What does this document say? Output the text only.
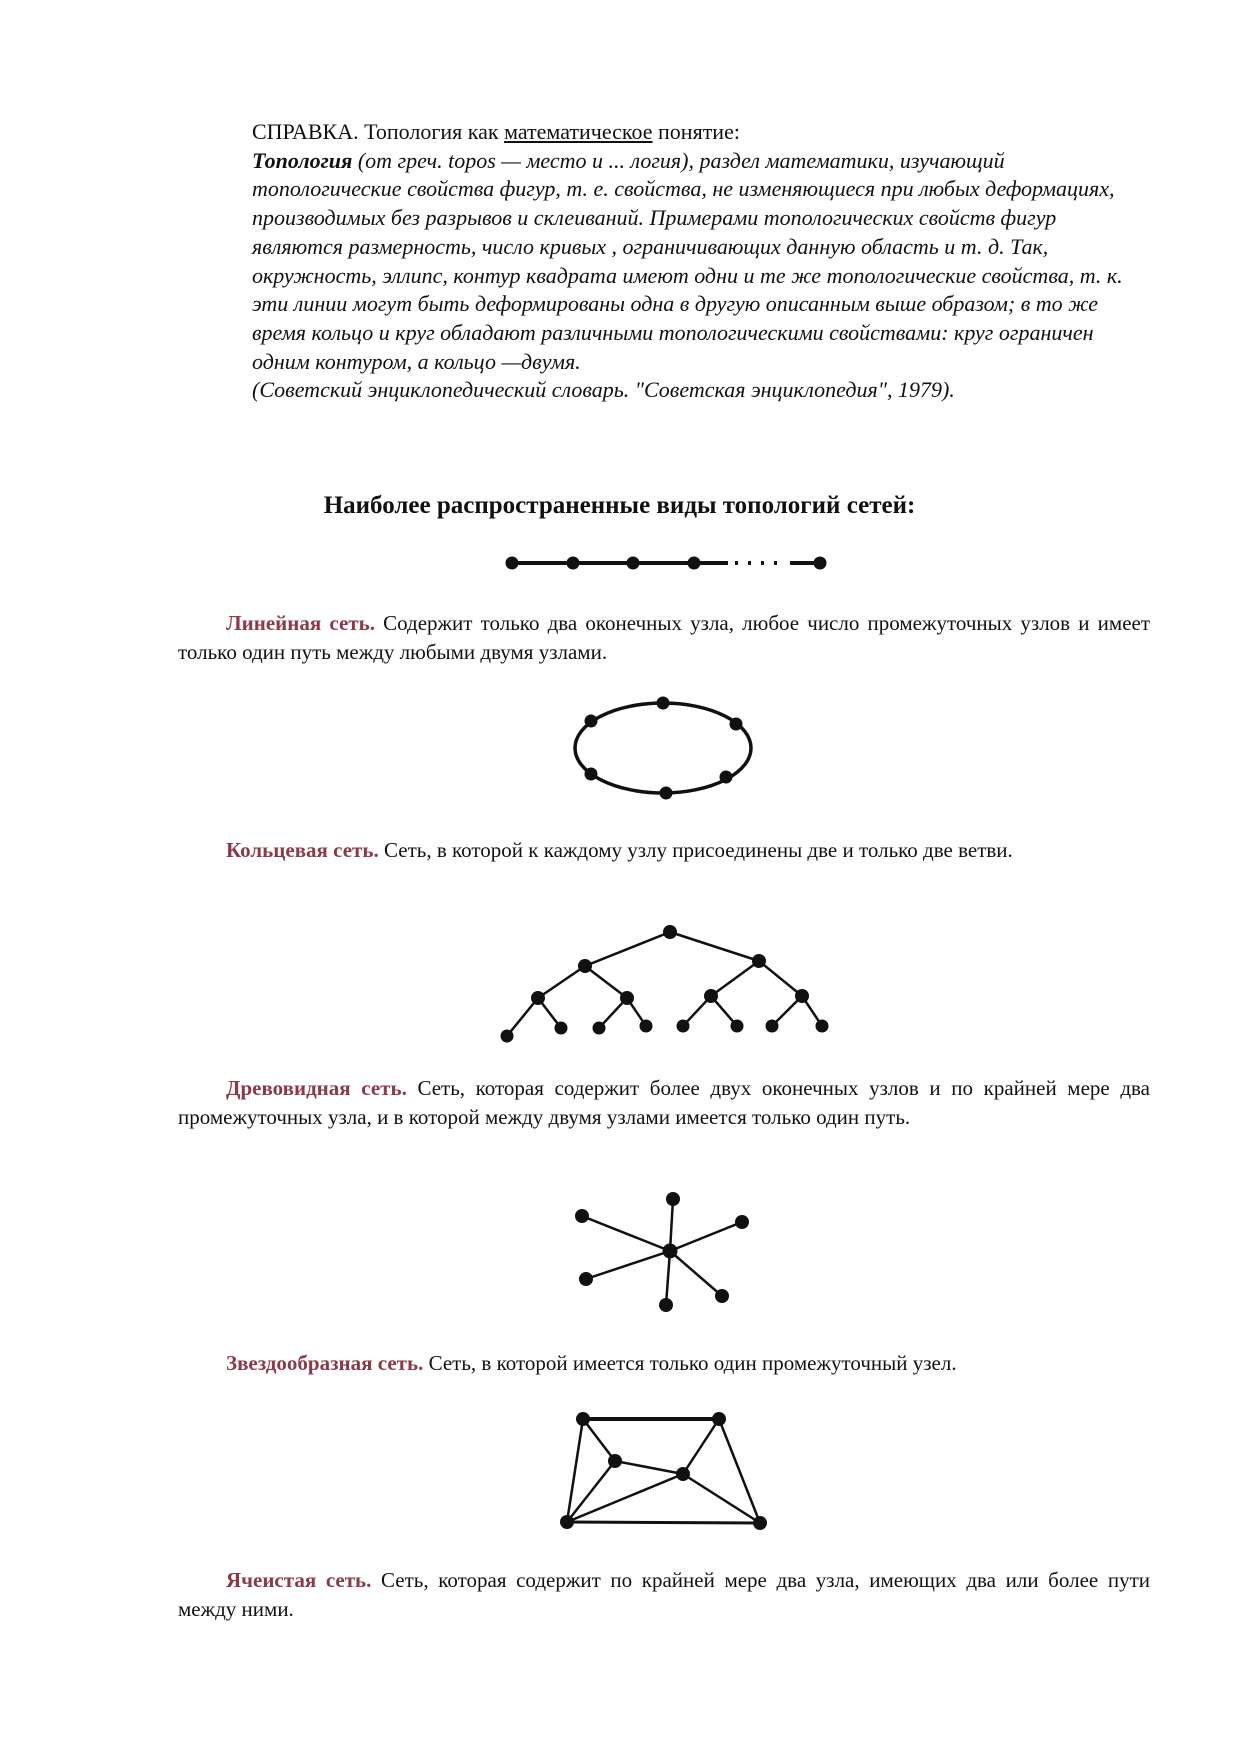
СПРАВКА. Топология как математическое понятие:
Топология (от греч. topos — место и ... логия), раздел математики, изучающий топологические свойства фигур, т. е. свойства, не изменяющиеся при любых деформациях, производимых без разрывов и склеиваний. Примерами топологических свойств фигур являются размерность, число кривых , ограничивающих данную область и т. д. Так, окружность, эллипс, контур квадрата имеют одни и те же топологические свойства, т. к. эти линии могут быть деформированы одна в другую описанным выше образом; в то же время кольцо и круг обладают различными топологическими свойствами: круг ограничен одним контуром, а кольцо —двумя.
(Советский энциклопедический словарь. "Советская энциклопедия", 1979).
Наиболее распространенные виды топологий сетей:
Линейная сеть. Содержит только два оконечных узла, любое число промежуточных узлов и имеет только один путь между любыми двумя узлами.
Кольцевая сеть. Сеть, в которой к каждому узлу присоединены две и только две ветви.
Древовидная сеть. Сеть, которая содержит более двух оконечных узлов и по крайней мере два промежуточных узла, и в которой между двумя узлами имеется только один путь.
Звездообразная сеть. Сеть, в которой имеется только один промежуточный узел.
Ячеистая сеть. Сеть, которая содержит по крайней мере два узла, имеющих два или более пути между ними.
